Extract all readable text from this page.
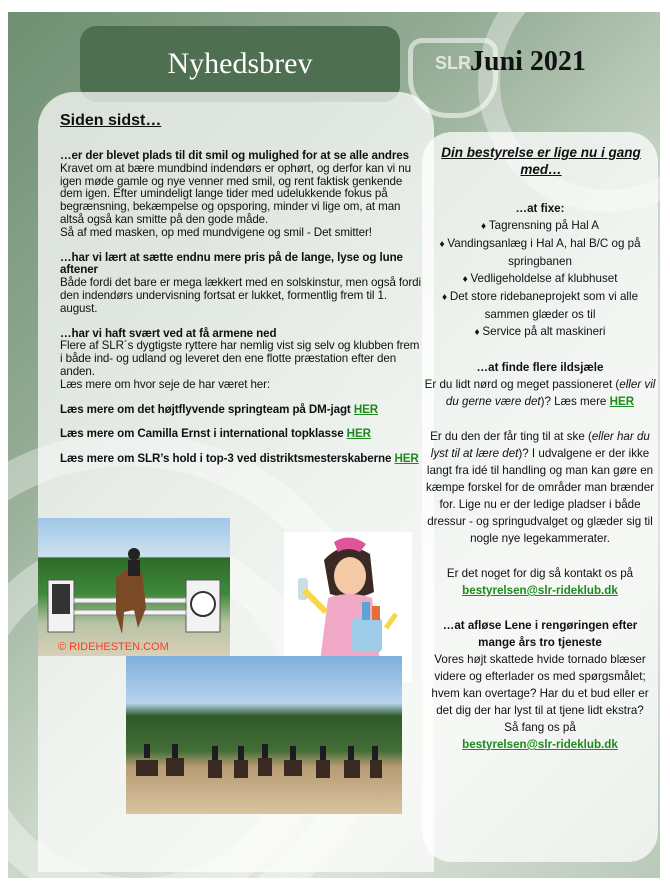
SLR
Nyhedsbrev	Juni 2021
Siden sidst…
…er der blevet plads til dit smil og mulighed for at se alle andres
Kravet om at bære mundbind indendørs er ophørt, og derfor kan vi nu igen møde gamle og nye venner med smil, og rent faktisk genkende dem igen. Efter umindeligt lange tider med udelukkende fokus på begrænsning, bekæmpelse og opsporing, minder vi lige om, at man altså også kan smitte på den gode måde.
Så af med masken, op med mundvigene og smil - Det smitter!
…har vi lært at sætte endnu mere pris på de lange, lyse og lune aftener
Både fordi det bare er mega lækkert med en solskinstur, men også fordi den indendørs undervisning fortsat er lukket, formentlig frem til 1. august.
…har vi haft svært ved at få armene ned
Flere af SLR´s dygtigste ryttere har nemlig vist sig selv og klubben frem i både ind- og udland og leveret den ene flotte præstation efter den anden.
Læs mere om hvor seje de har været her:
Læs mere om det højtflyvende springteam på DM-jagt HER
Læs mere om Camilla Ernst i international topklasse HER
Læs mere om SLR’s hold i top-3 ved distriktsmesterskaberne HER
© RIDEHESTEN.COM
Din bestyrelse er lige nu i gang med…
…at fixe:
♦ Tagrensning på Hal A
♦ Vandingsanlæg i Hal A, hal B/C og på springbanen
♦ Vedligeholdelse af klubhuset
♦ Det store ridebaneprojekt som vi alle sammen glæder os til
♦ Service på alt maskineri
…at finde flere ildsjæle
Er du lidt nørd og meget passioneret (eller vil du gerne være det)? Læs mere HER
Er du den der får ting til at ske (eller har du lyst til at lære det)? I udvalgene er der ikke langt fra idé til handling og man kan gøre en kæmpe forskel for de områder man brænder for. Lige nu er der ledige pladser i både dressur - og springudvalget og glæder sig til nogle nye legekammerater.
Er det noget for dig så kontakt os på
bestyrelsen@slr-rideklub.dk
…at afløse Lene i rengøringen efter mange års tro tjeneste
Vores højt skattede hvide tornado blæser videre og efterlader os med spørgsmålet; hvem kan overtage? Har du et bud eller er det dig der har lyst til at tjene lidt ekstra?
Så fang os på
bestyrelsen@slr-rideklub.dk
